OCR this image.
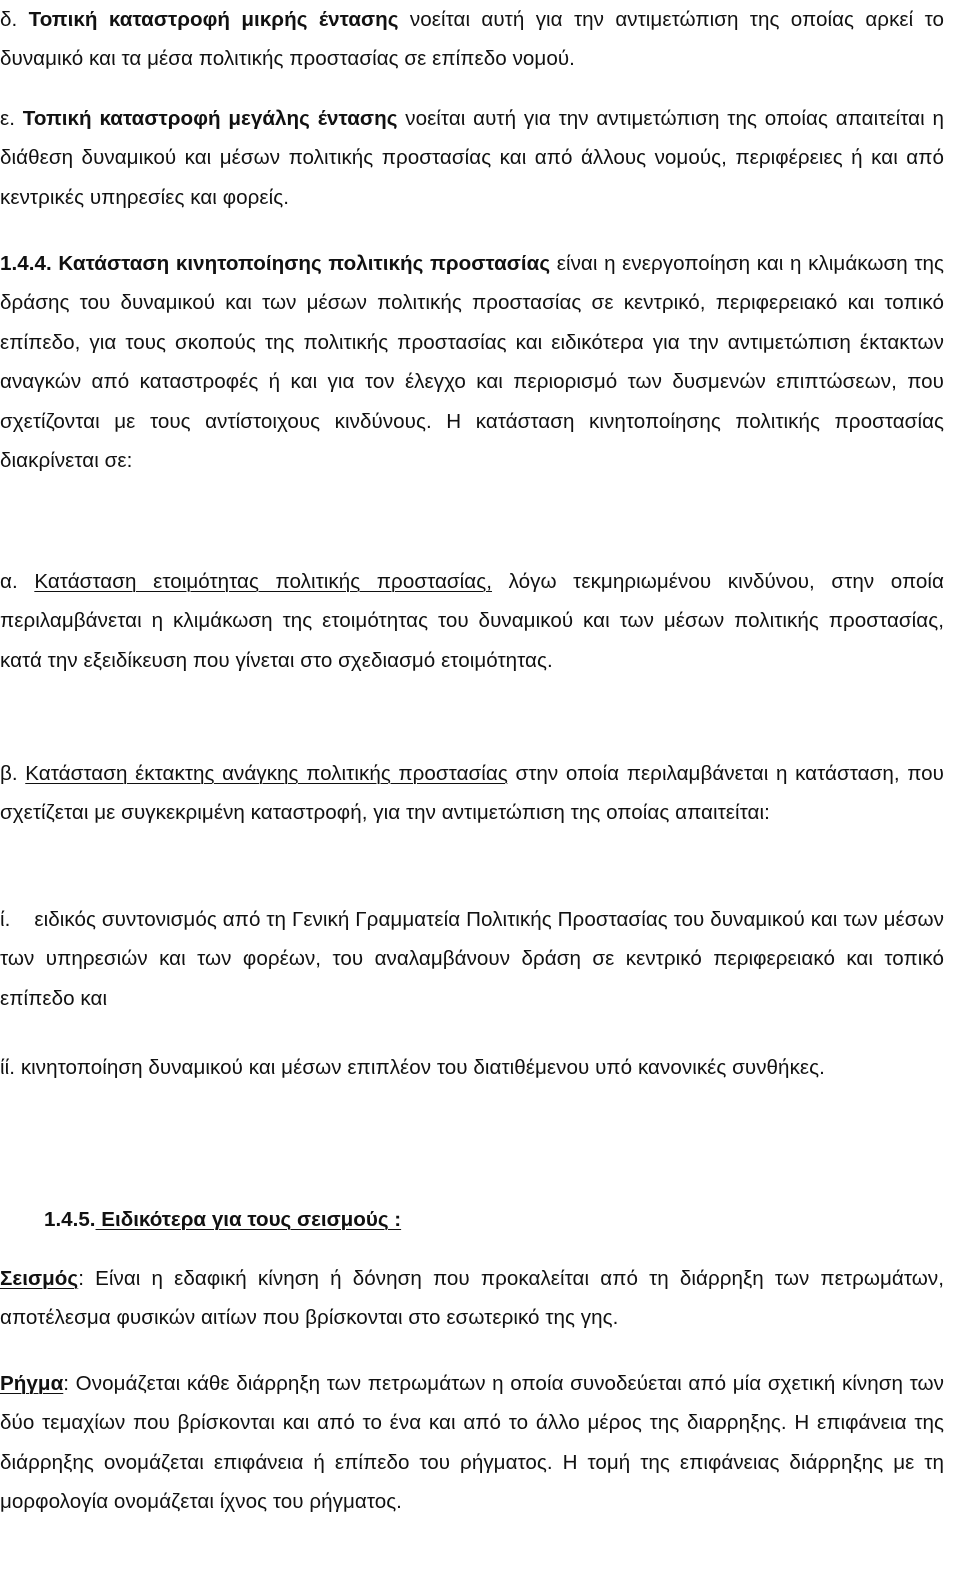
δ. Τοπική καταστροφή μικρής έντασης νοείται αυτή για την αντιμετώπιση της οποίας αρκεί το δυναμικό και τα μέσα πολιτικής προστασίας σε επίπεδο νομού.

ε. Τοπική καταστροφή μεγάλης έντασης νοείται αυτή για την αντιμετώπιση της οποίας απαιτείται η διάθεση δυναμικού και μέσων πολιτικής προστασίας και από άλλους νομούς, περιφέρειες ή και από κεντρικές υπηρεσίες και φορείς.

1.4.4. Κατάσταση κινητοποίησης πολιτικής προστασίας είναι η ενεργοποίηση και η κλιμάκωση της δράσης του δυναμικού και των μέσων πολιτικής προστασίας σε κεντρικό, περιφερειακό και τοπικό επίπεδο, για τους σκοπούς της πολιτικής προστασίας και ειδικότερα για την αντιμετώπιση έκτακτων αναγκών από καταστροφές ή και για τον έλεγχο και περιορισμό των δυσμενών επιπτώσεων, που σχετίζονται με τους αντίστοιχους κινδύνους. Η κατάσταση κινητοποίησης πολιτικής προστασίας διακρίνεται σε:

α. Κατάσταση ετοιμότητας πολιτικής προστασίας, λόγω τεκμηριωμένου κινδύνου, στην οποία περιλαμβάνεται η κλιμάκωση της ετοιμότητας του δυναμικού και των μέσων πολιτικής προστασίας, κατά την εξειδίκευση που γίνεται στο σχεδιασμό ετοιμότητας.

β. Κατάσταση έκτακτης ανάγκης πολιτικής προστασίας στην οποία περιλαμβάνεται η κατάσταση, που σχετίζεται με συγκεκριμένη καταστροφή, για την αντιμετώπιση της οποίας απαιτείται:

ί. ειδικός συντονισμός από τη Γενική Γραμματεία Πολιτικής Προστασίας του δυναμικού και των μέσων των υπηρεσιών και των φορέων, του αναλαμβάνουν δράση σε κεντρικό περιφερειακό και τοπικό επίπεδο και

ίί. κινητοποίηση δυναμικού και μέσων επιπλέον του διατιθέμενου υπό κανονικές συνθήκες.

1.4.5. Ειδικότερα για τους σεισμούς :

Σεισμός: Είναι η εδαφική κίνηση ή δόνηση που προκαλείται από τη διάρρηξη των πετρωμάτων, αποτέλεσμα φυσικών αιτίων που βρίσκονται στο εσωτερικό της γης.

Ρήγμα: Ονομάζεται κάθε διάρρηξη των πετρωμάτων η οποία συνοδεύεται από μία σχετική κίνηση των δύο τεμαχίων που βρίσκονται και από το ένα και από το άλλο μέρος της διαρρηξης. Η επιφάνεια της διάρρηξης ονομάζεται επιφάνεια ή επίπεδο του ρήγματος. Η τομή της επιφάνειας διάρρηξης με τη μορφολογία ονομάζεται ίχνος του ρήγματος.
